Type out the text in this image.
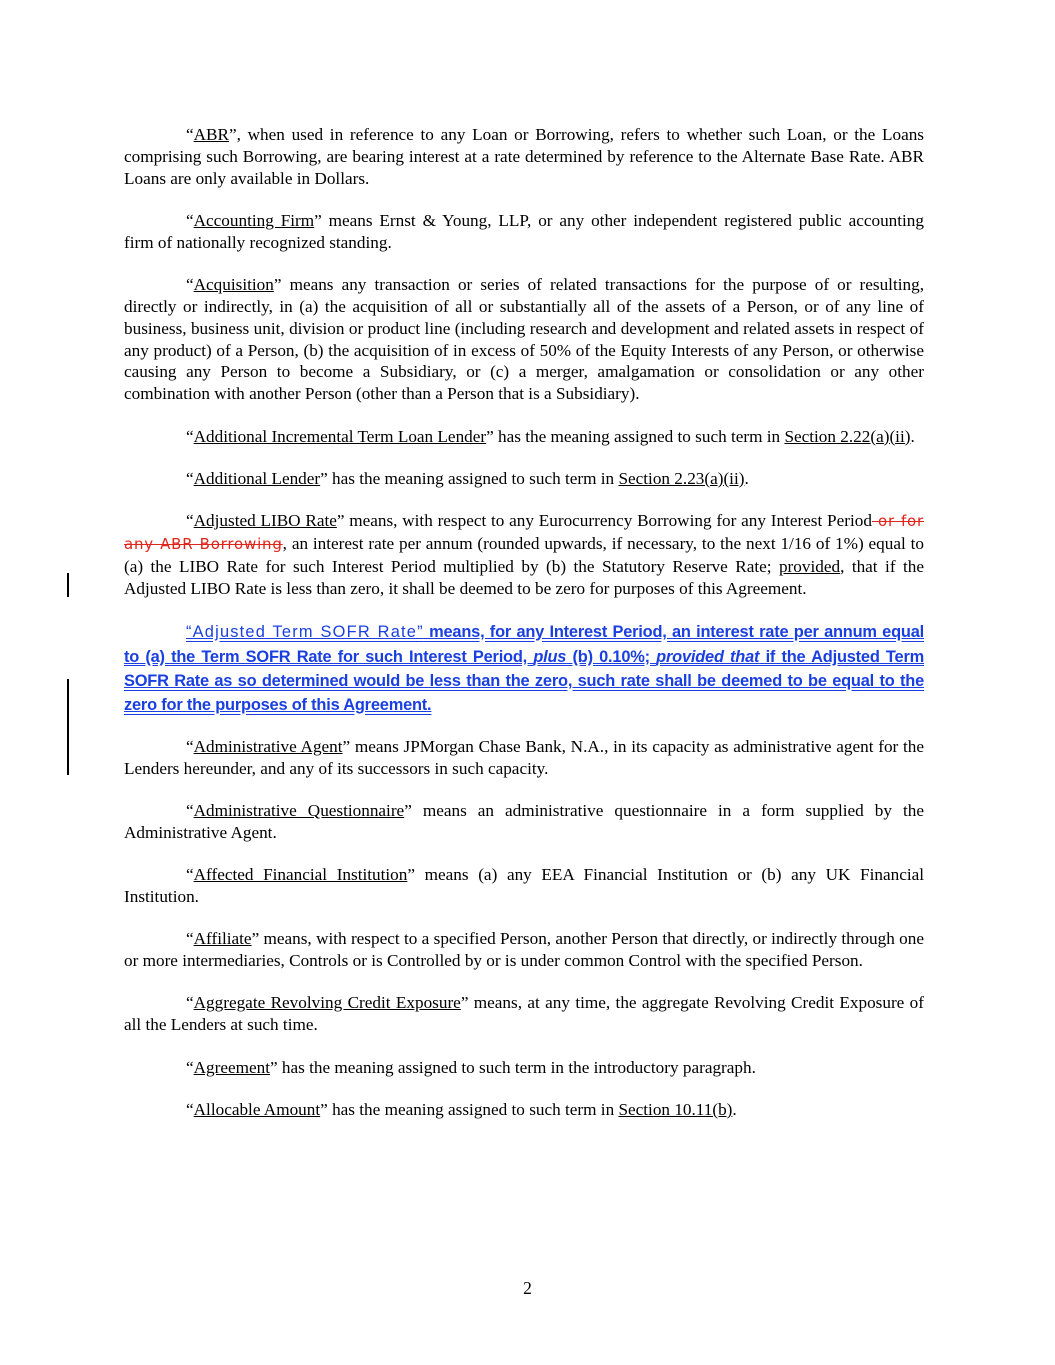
“ABR”, when used in reference to any Loan or Borrowing, refers to whether such Loan, or the Loans comprising such Borrowing, are bearing interest at a rate determined by reference to the Alternate Base Rate. ABR Loans are only available in Dollars.

“Accounting Firm” means Ernst & Young, LLP, or any other independent registered public accounting firm of nationally recognized standing.

“Acquisition” means any transaction or series of related transactions for the purpose of or resulting, directly or indirectly, in (a) the acquisition of all or substantially all of the assets of a Person, or of any line of business, business unit, division or product line (including research and development and related assets in respect of any product) of a Person, (b) the acquisition of in excess of 50% of the Equity Interests of any Person, or otherwise causing any Person to become a Subsidiary, or (c) a merger, amalgamation or consolidation or any other combination with another Person (other than a Person that is a Subsidiary).

“Additional Incremental Term Loan Lender” has the meaning assigned to such term in Section 2.22(a)(ii).

“Additional Lender” has the meaning assigned to such term in Section 2.23(a)(ii).

“Adjusted LIBO Rate” means, with respect to any Eurocurrency Borrowing for any Interest Period or for any ABR Borrowing, an interest rate per annum (rounded upwards, if necessary, to the next 1/16 of 1%) equal to (a) the LIBO Rate for such Interest Period multiplied by (b) the Statutory Reserve Rate; provided, that if the Adjusted LIBO Rate is less than zero, it shall be deemed to be zero for purposes of this Agreement.

“Adjusted Term SOFR Rate” means, for any Interest Period, an interest rate per annum equal to (a) the Term SOFR Rate for such Interest Period, plus (b) 0.10%; provided that if the Adjusted Term SOFR Rate as so determined would be less than the zero, such rate shall be deemed to be equal to the zero for the purposes of this Agreement.

“Administrative Agent” means JPMorgan Chase Bank, N.A., in its capacity as administrative agent for the Lenders hereunder, and any of its successors in such capacity.

“Administrative Questionnaire” means an administrative questionnaire in a form supplied by the Administrative Agent.

“Affected Financial Institution” means (a) any EEA Financial Institution or (b) any UK Financial Institution.

“Affiliate” means, with respect to a specified Person, another Person that directly, or indirectly through one or more intermediaries, Controls or is Controlled by or is under common Control with the specified Person.

“Aggregate Revolving Credit Exposure” means, at any time, the aggregate Revolving Credit Exposure of all the Lenders at such time.

“Agreement” has the meaning assigned to such term in the introductory paragraph.

“Allocable Amount” has the meaning assigned to such term in Section 10.11(b).

2
